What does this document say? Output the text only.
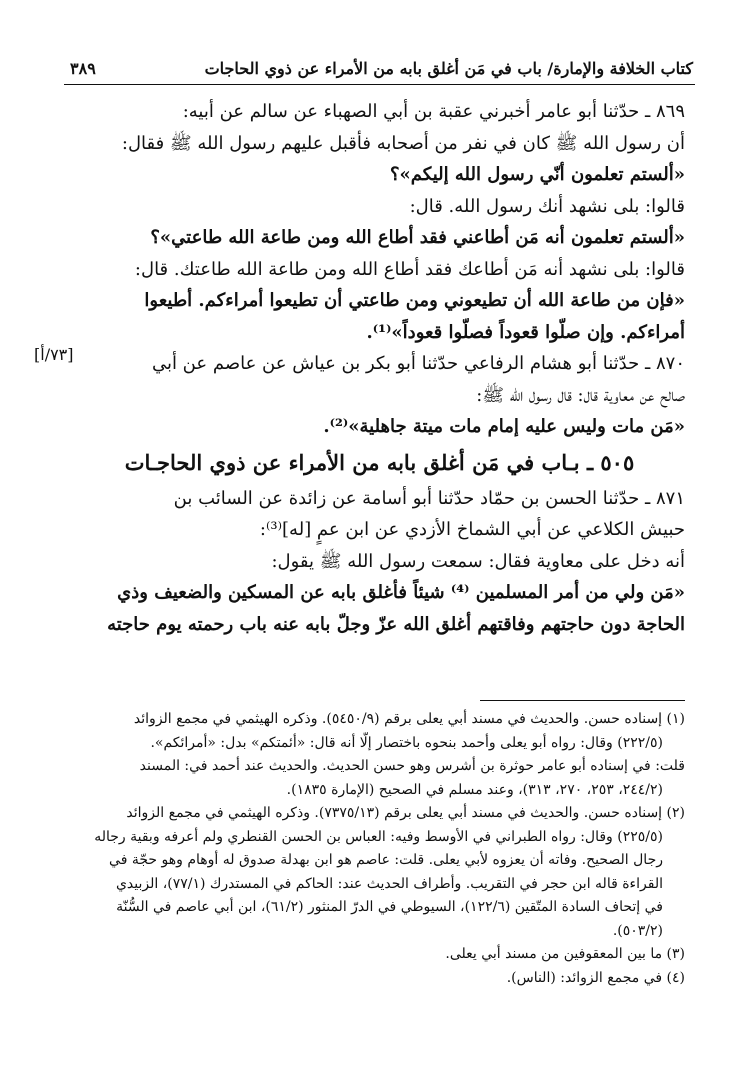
كتاب الخلافة والإمارة/ باب في مَن أغلق بابه من الأمراء عن ذوي الحاجات
٣٨٩
[٧٣/أ]
٨٦٩ ـ حدّثنا أبو عامر أخبرني عقبة بن أبي الصهباء عن سالم عن أبيه:
أن رسول الله ﷺ كان في نفر من أصحابه فأقبل عليهم رسول الله ﷺ فقال:
«ألستم تعلمون أنّي رسول الله إليكم»؟
قالوا: بلى نشهد أنك رسول الله. قال:
«ألستم تعلمون أنه مَن أطاعني فقد أطاع الله ومن طاعة الله طاعتي»؟
قالوا: بلى نشهد أنه مَن أطاعك فقد أطاع الله ومن طاعة الله طاعتك. قال:
«فإن من طاعة الله أن تطيعوني ومن طاعتي أن تطيعوا أمراءكم. أطيعوا
أمراءكم. وإن صلّوا قعوداً فصلّوا قعوداً»⁽¹⁾.
٨٧٠ ـ حدّثنا أبو هشام الرفاعي حدّثنا أبو بكر بن عياش عن عاصم عن أبي
صالح عن معاوية قال: قال رسول الله ﷺ:
«مَن مات وليس عليه إمام مات ميتة جاهلية»⁽²⁾.
٥٠٥ ـ بـاب في مَن أغلق بابه من الأمراء عن ذوي الحاجـات
٨٧١ ـ حدّثنا الحسن بن حمّاد حدّثنا أبو أسامة عن زائدة عن السائب بن
حبيش الكلاعي عن أبي الشماخ الأزدي عن ابن عمٍ [له]⁽³⁾:
أنه دخل على معاوية فقال: سمعت رسول الله ﷺ يقول:
«مَن ولي من أمر المسلمين ⁽⁴⁾ شيئاً فأغلق بابه عن المسكين والضعيف وذي
الحاجة دون حاجتهم وفاقتهم أغلق الله عزّ وجلّ بابه عنه باب رحمته يوم حاجته
(١) إسناده حسن. والحديث في مسند أبي يعلى برقم (٥٤٥٠/٩). وذكره الهيثمي في مجمع الزوائد
(٢٢٢/٥) وقال: رواه أبو يعلى وأحمد بنحوه باختصار إلّا أنه قال: «أئمتكم» بدل: «أمرائكم».
قلت: في إسناده أبو عامر حوثرة بن أشرس وهو حسن الحديث. والحديث عند أحمد في: المسند
(٢٤٤/٢، ٢٥٣، ٢٧٠، ٣١٣)، وعند مسلم في الصحيح (الإمارة ١٨٣٥).
(٢) إسناده حسن. والحديث في مسند أبي يعلى برقم (٧٣٧٥/١٣). وذكره الهيثمي في مجمع الزوائد
(٢٢٥/٥) وقال: رواه الطبراني في الأوسط وفيه: العباس بن الحسن القنطري ولم أعرفه وبقية رجاله
رجال الصحيح. وفاته أن يعزوه لأبي يعلى. قلت: عاصم هو ابن بهدلة صدوق له أوهام وهو حجّة في
القراءة قاله ابن حجر في التقريب. وأطراف الحديث عند: الحاكم في المستدرك (٧٧/١)، الزبيدي
في إتحاف السادة المتّقين (١٢٢/٦)، السيوطي في الدرّ المنثور (٦١/٢)، ابن أبي عاصم في السُّنّة
(٥٠٣/٢).
(٣) ما بين المعقوفين من مسند أبي يعلى.
(٤) في مجمع الزوائد: (الناس).
